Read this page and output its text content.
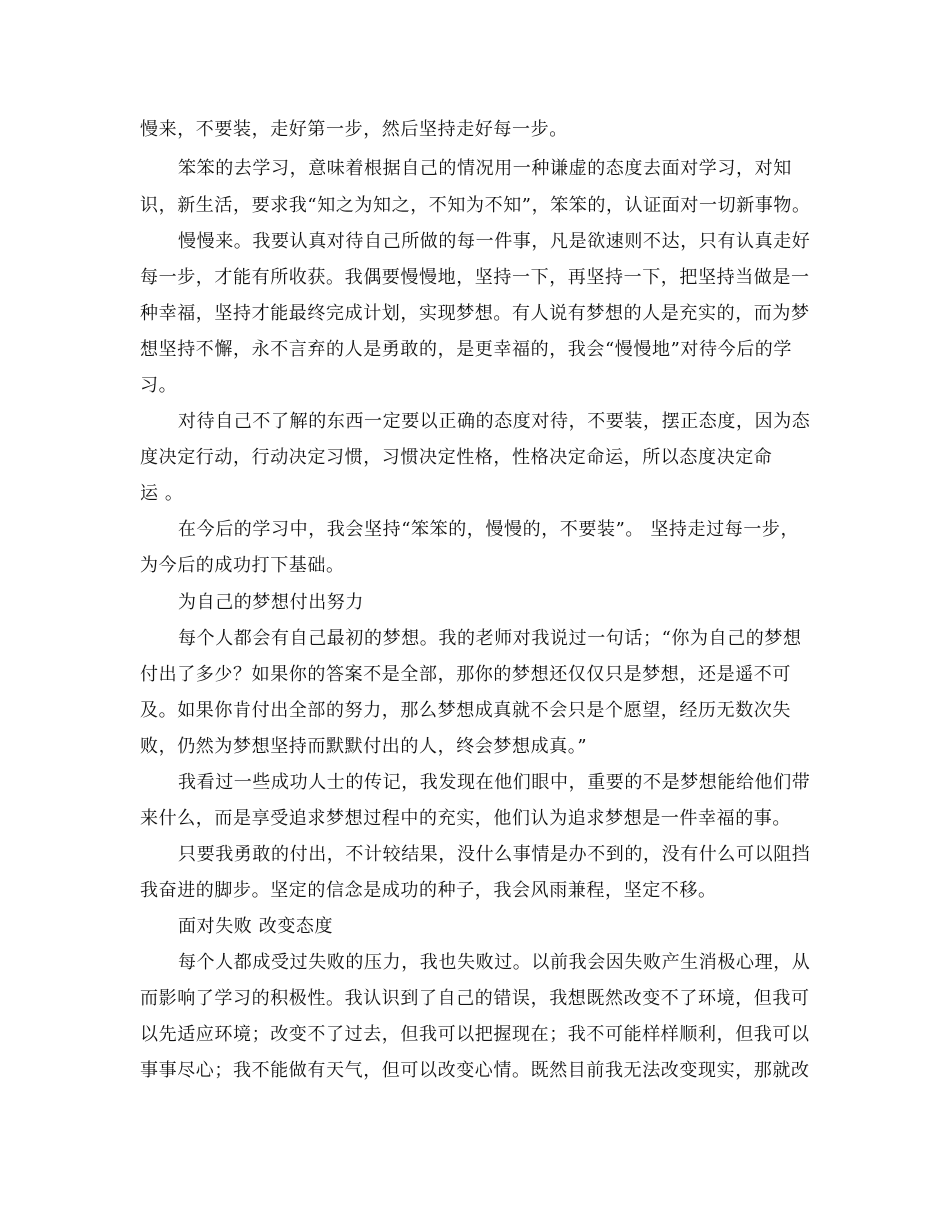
慢来，不要装，走好第一步，然后坚持走好每一步。
笨笨的去学习，意味着根据自己的情况用一种谦虚的态度去面对学习，对知
识，新生活，要求我“知之为知之，不知为不知”，笨笨的，认证面对一切新事物。
慢慢来。我要认真对待自己所做的每一件事，凡是欲速则不达，只有认真走好
每一步，才能有所收获。我偶要慢慢地，坚持一下，再坚持一下，把坚持当做是一
种幸福，坚持才能最终完成计划，实现梦想。有人说有梦想的人是充实的，而为梦
想坚持不懈，永不言弃的人是勇敢的，是更幸福的，我会“慢慢地”对待今后的学
习。
对待自己不了解的东西一定要以正确的态度对待，不要装，摆正态度，因为态
度决定行动，行动决定习惯，习惯决定性格，性格决定命运，所以态度决定命
运 。
在今后的学习中，我会坚持“笨笨的，慢慢的，不要装”。 坚持走过每一步，
为今后的成功打下基础。
为自己的梦想付出努力
每个人都会有自己最初的梦想。我的老师对我说过一句话；“你为自己的梦想
付出了多少？如果你的答案不是全部，那你的梦想还仅仅只是梦想，还是遥不可
及。如果你肯付出全部的努力，那么梦想成真就不会只是个愿望，经历无数次失
败，仍然为梦想坚持而默默付出的人，终会梦想成真。”
我看过一些成功人士的传记，我发现在他们眼中，重要的不是梦想能给他们带
来什么，而是享受追求梦想过程中的充实，他们认为追求梦想是一件幸福的事。
只要我勇敢的付出，不计较结果，没什么事情是办不到的，没有什么可以阻挡
我奋进的脚步。坚定的信念是成功的种子，我会风雨兼程，坚定不移。
面对失败 改变态度
每个人都成受过失败的压力，我也失败过。以前我会因失败产生消极心理，从
而影响了学习的积极性。我认识到了自己的错误，我想既然改变不了环境，但我可
以先适应环境；改变不了过去，但我可以把握现在；我不可能样样顺利，但我可以
事事尽心；我不能做有天气，但可以改变心情。既然目前我无法改变现实，那就改
